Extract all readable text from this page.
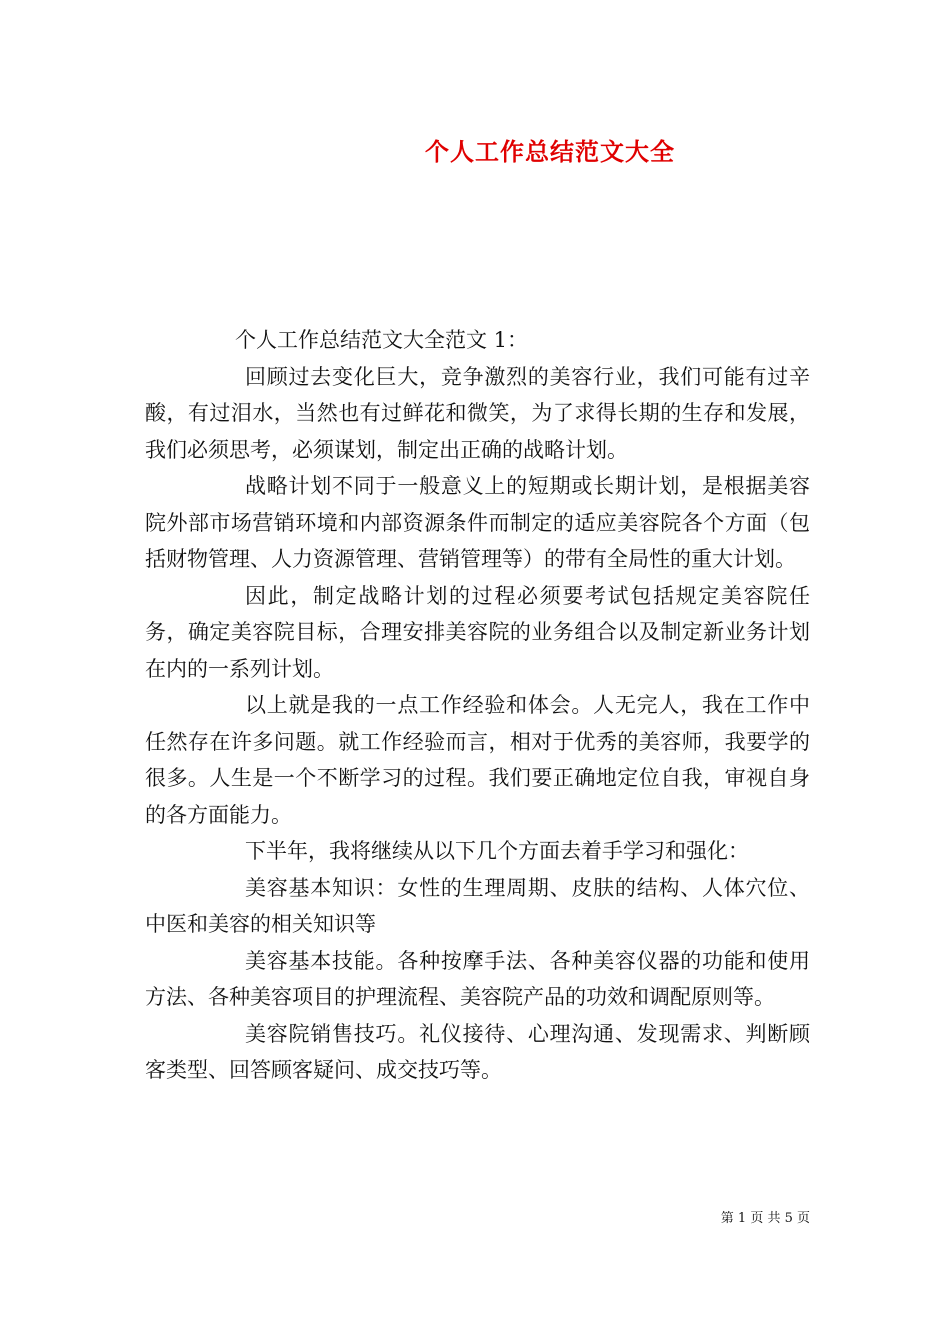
个人工作总结范文大全

个人工作总结范文大全范文 1：

回顾过去变化巨大，竞争激烈的美容行业，我们可能有过辛酸，有过泪水，当然也有过鲜花和微笑，为了求得长期的生存和发展，我们必须思考，必须谋划，制定出正确的战略计划。

战略计划不同于一般意义上的短期或长期计划，是根据美容院外部市场营销环境和内部资源条件而制定的适应美容院各个方面（包括财物管理、人力资源管理、营销管理等）的带有全局性的重大计划。

因此，制定战略计划的过程必须要考试包括规定美容院任务，确定美容院目标，合理安排美容院的业务组合以及制定新业务计划在内的一系列计划。

以上就是我的一点工作经验和体会。人无完人，我在工作中任然存在许多问题。就工作经验而言，相对于优秀的美容师，我要学的很多。人生是一个不断学习的过程。我们要正确地定位自我，审视自身的各方面能力。

下半年，我将继续从以下几个方面去着手学习和强化：

美容基本知识：女性的生理周期、皮肤的结构、人体穴位、中医和美容的相关知识等

美容基本技能。各种按摩手法、各种美容仪器的功能和使用方法、各种美容项目的护理流程、美容院产品的功效和调配原则等。

美容院销售技巧。礼仪接待、心理沟通、发现需求、判断顾客类型、回答顾客疑问、成交技巧等。

第 1 页 共 5 页
